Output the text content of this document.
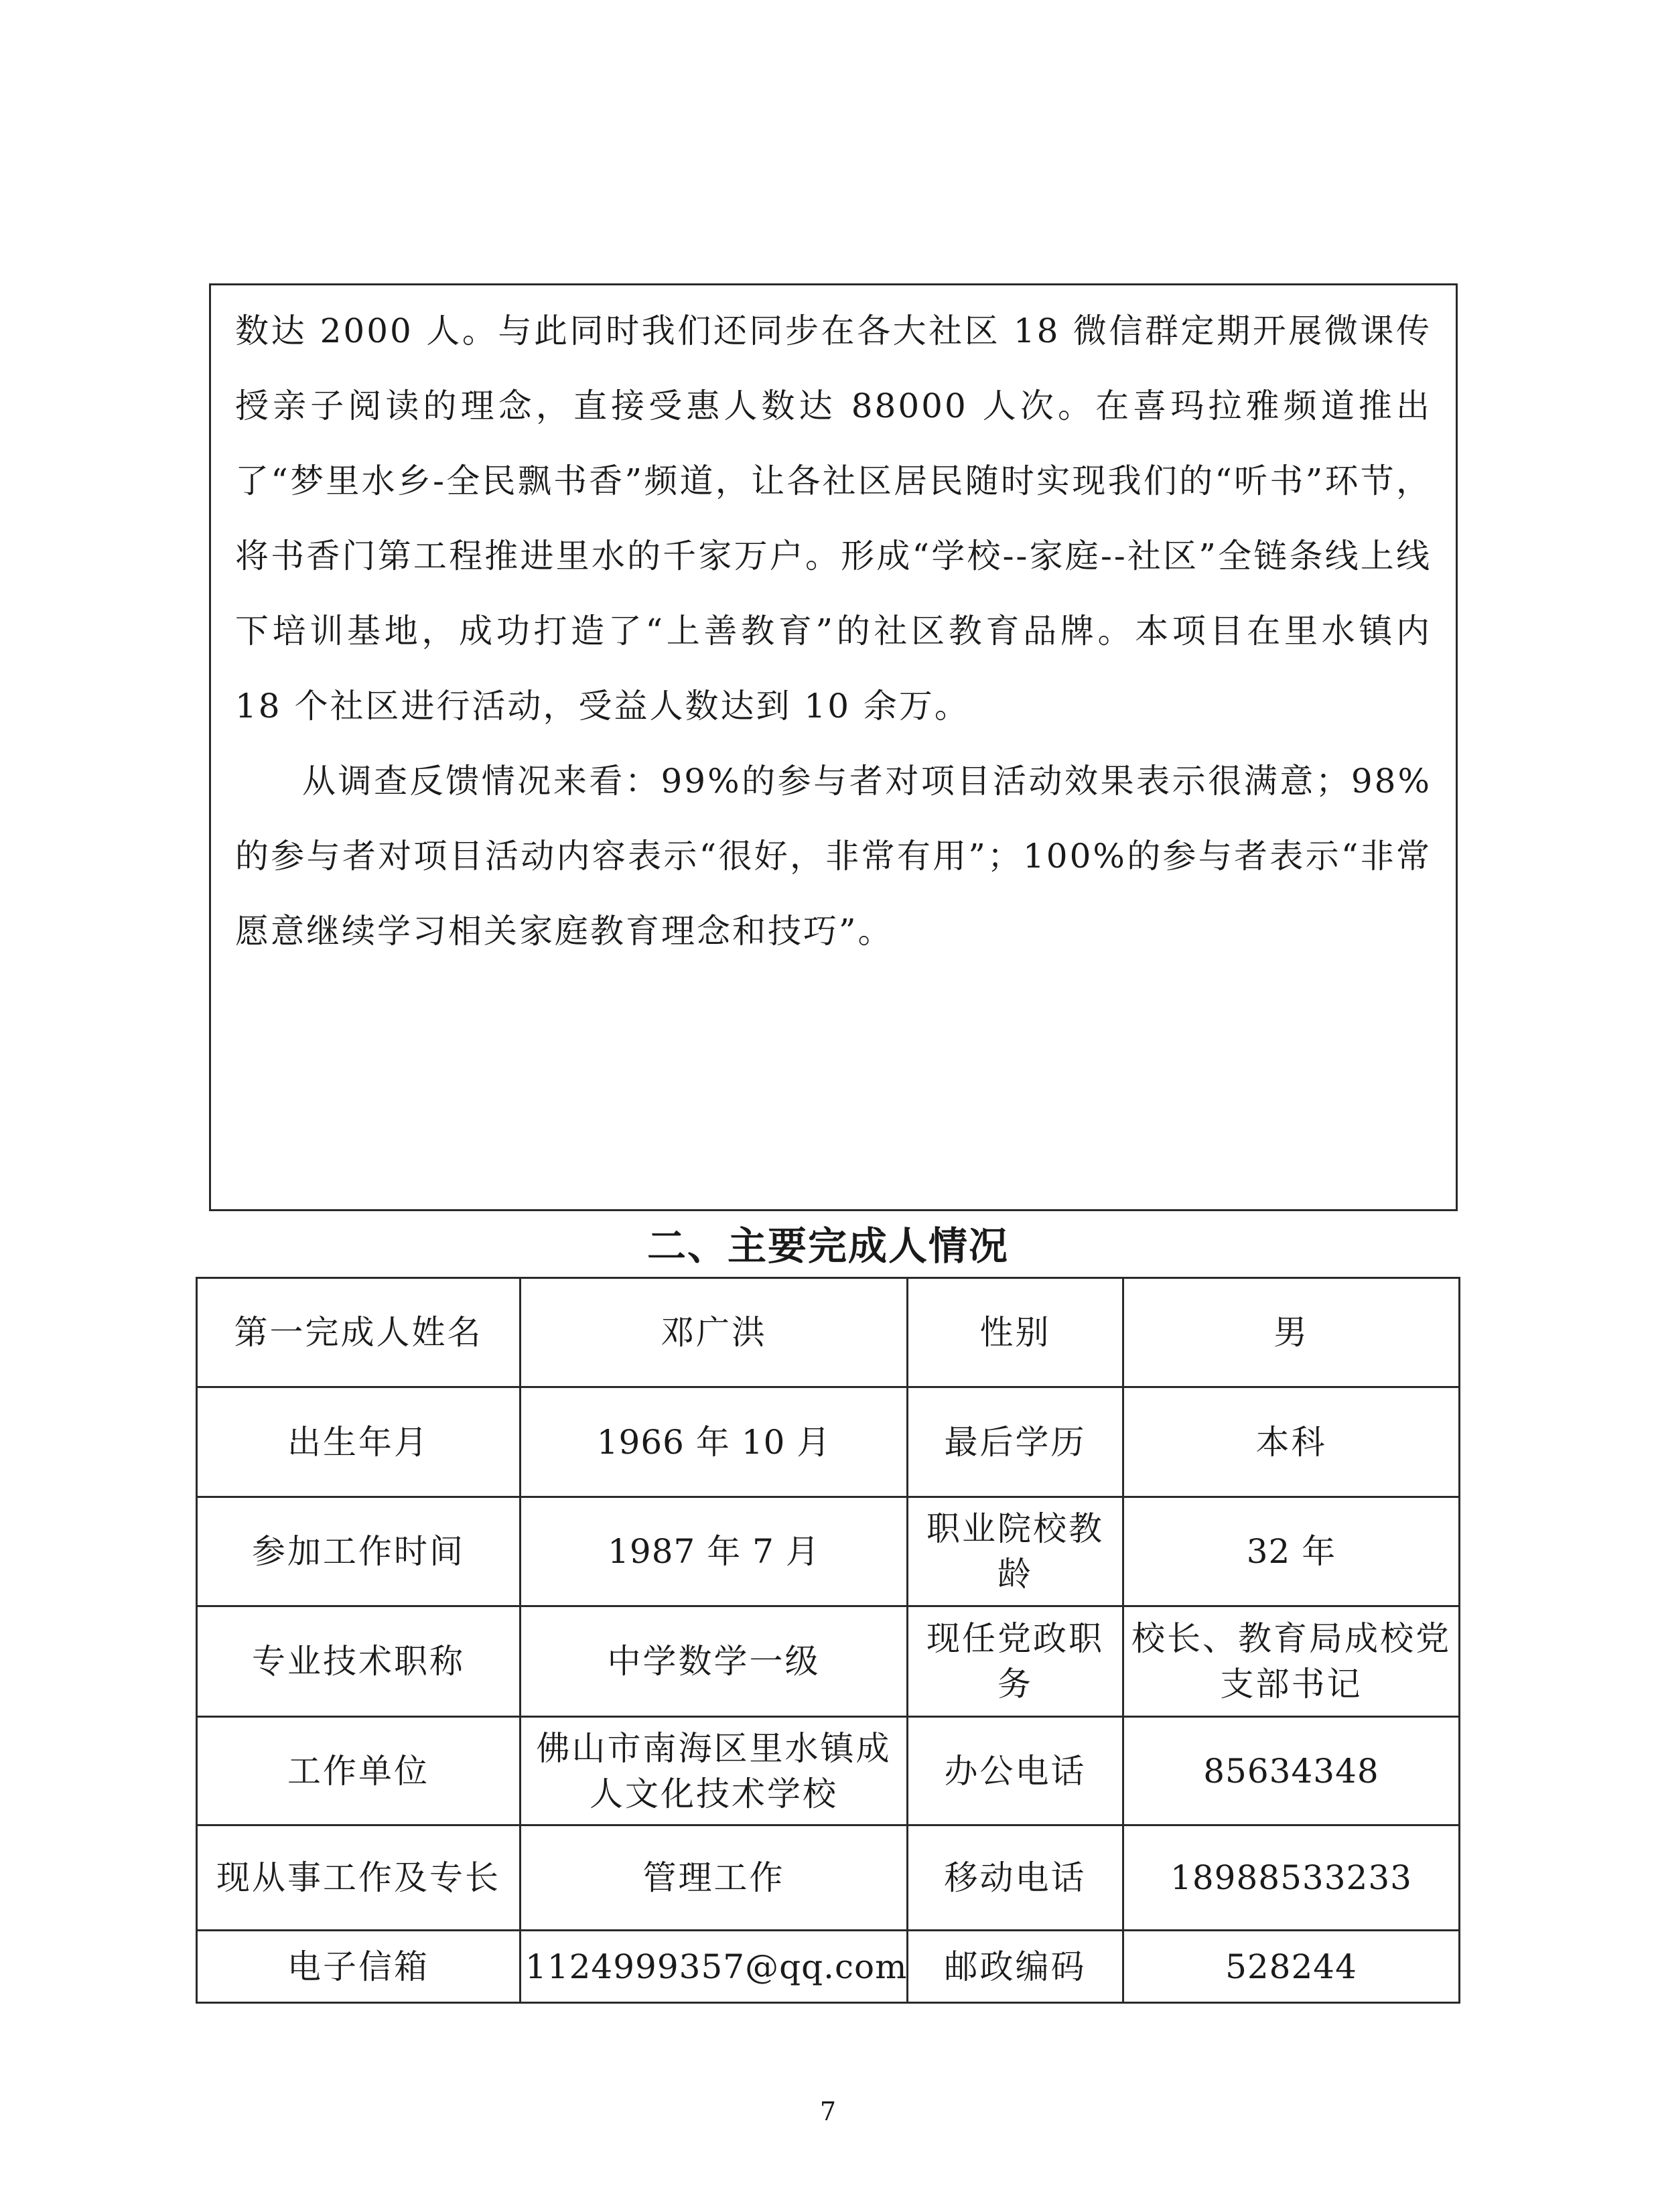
数达 2000 人。与此同时我们还同步在各大社区 18 微信群定期开展微课传授亲子阅读的理念，直接受惠人数达 88000 人次。在喜玛拉雅频道推出了“梦里水乡-全民飘书香”频道，让各社区居民随时实现我们的“听书”环节，将书香门第工程推进里水的千家万户。形成“学校--家庭--社区”全链条线上线下培训基地，成功打造了“上善教育”的社区教育品牌。本项目在里水镇内 18 个社区进行活动，受益人数达到 10 余万。

从调查反馈情况来看：99%的参与者对项目活动效果表示很满意；98%的参与者对项目活动内容表示“很好，非常有用”；100%的参与者表示“非常愿意继续学习相关家庭教育理念和技巧”。

二、主要完成人情况
第一完成人姓名	邓广洪	性别	男
出生年月	1966 年 10 月	最后学历	本科
参加工作时间	1987 年 7 月	职业院校教龄	32 年
专业技术职称	中学数学一级	现任党政职务	校长、教育局成校党支部书记
工作单位	佛山市南海区里水镇成人文化技术学校	办公电话	85634348
现从事工作及专长	管理工作	移动电话	18988533233
电子信箱	1124999357@qq.com	邮政编码	528244
7
